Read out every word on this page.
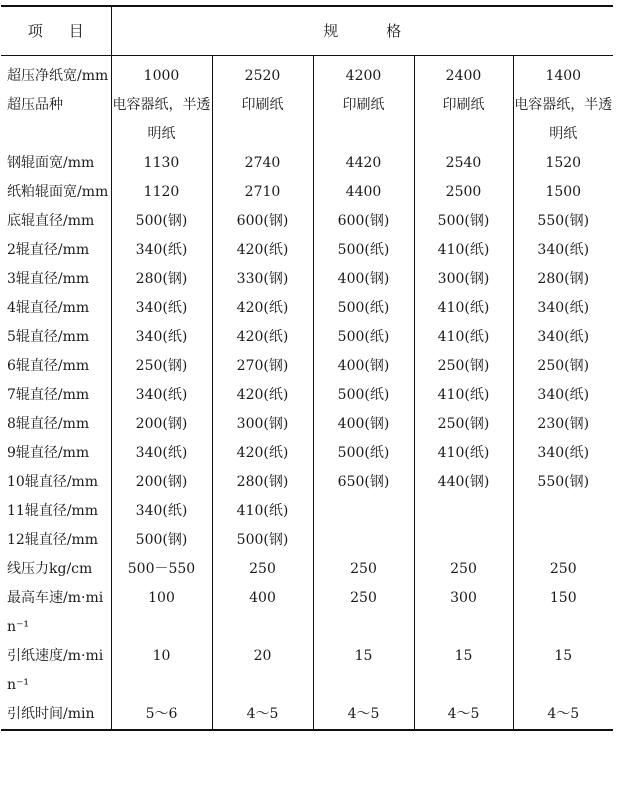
项 目	规 格				
超压净纸宽/mm	1000	2520	4200	2400	1400
超压品种	电容器纸，半透明纸	印刷纸	印刷纸	印刷纸	电容器纸，半透明纸
钢辊面宽/mm	1130	2740	4420	2540	1520
纸粕辊面宽/mm	1120	2710	4400	2500	1500
底辊直径/mm	500(钢)	600(钢)	600(钢)	500(钢)	550(钢)
2辊直径/mm	340(纸)	420(纸)	500(纸)	410(纸)	340(纸)
3辊直径/mm	280(钢)	330(钢)	400(钢)	300(钢)	280(钢)
4辊直径/mm	340(纸)	420(纸)	500(纸)	410(纸)	340(纸)
5辊直径/mm	340(纸)	420(纸)	500(纸)	410(纸)	340(纸)
6辊直径/mm	250(钢)	270(钢)	400(钢)	250(钢)	250(钢)
7辊直径/mm	340(纸)	420(纸)	500(纸)	410(纸)	340(纸)
8辊直径/mm	200(钢)	300(钢)	400(钢)	250(钢)	230(钢)
9辊直径/mm	340(纸)	420(纸)	500(纸)	410(纸)	340(纸)
10辊直径/mm	200(钢)	280(钢)	650(钢)	440(钢)	550(钢)
11辊直径/mm	340(纸)	410(纸)			
12辊直径/mm	500(钢)	500(钢)			
线压力kg/cm	500－550	250	250	250	250
最高车速/m·min⁻¹	100	400	250	300	150
引纸速度/m·min⁻¹	10	20	15	15	15
引纸时间/min	5～6	4～5	4～5	4～5	4～5
